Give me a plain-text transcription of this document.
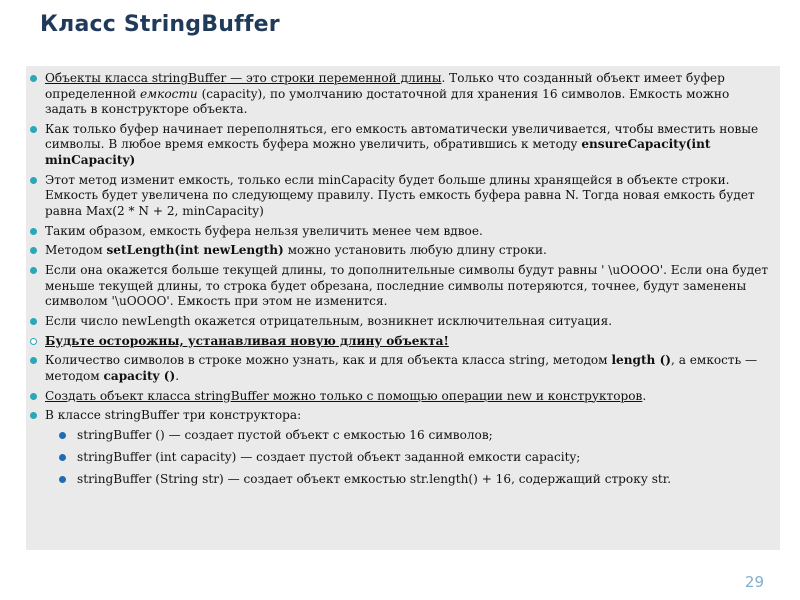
Класс StringBuffer
Объекты класса stringBuffer — это строки переменной длины. Только что созданный объект имеет буфер определенной емкости (capacity), по умолчанию достаточной для хранения 16 символов. Емкость можно задать в конструкторе объекта.
Как только буфер начинает переполняться, его емкость автоматически увеличивается, чтобы вместить новые символы. В любое время емкость буфера можно увеличить, обратившись к методу ensureCapacity(int minCapacity)
Этот метод изменит емкость, только если minCapacity будет больше длины хранящейся в объекте строки. Емкость будет увеличена по следующему правилу. Пусть емкость буфера равна N. Тогда новая емкость будет равна Max(2 * N + 2, minCapacity)
Таким образом, емкость буфера нельзя увеличить менее чем вдвое.
Методом setLength(int newLength) можно установить любую длину строки.
Если она окажется больше текущей длины, то дополнительные символы будут равны ' \uOOOO'. Если она будет меньше текущей длины, то строка будет обрезана, последние символы потеряются, точнее, будут заменены символом '\uOOOO'. Емкость при этом не изменится.
Если число newLength окажется отрицательным, возникнет исключительная ситуация.
Будьте осторожны, устанавливая новую длину объекта!
Количество символов в строке можно узнать, как и для объекта класса string, методом length (), а емкость — методом capacity ().
Создать объект класса stringBuffer можно только с помощью операции new и конструкторов.
В классе stringBuffer три конструктора:
stringBuffer () — создает пустой объект с емкостью 16 символов;
stringBuffer (int capacity) — создает пустой объект заданной емкости capacity;
stringBuffer (String str) — создает объект емкостью str.length() + 16, содержащий строку str.
29
